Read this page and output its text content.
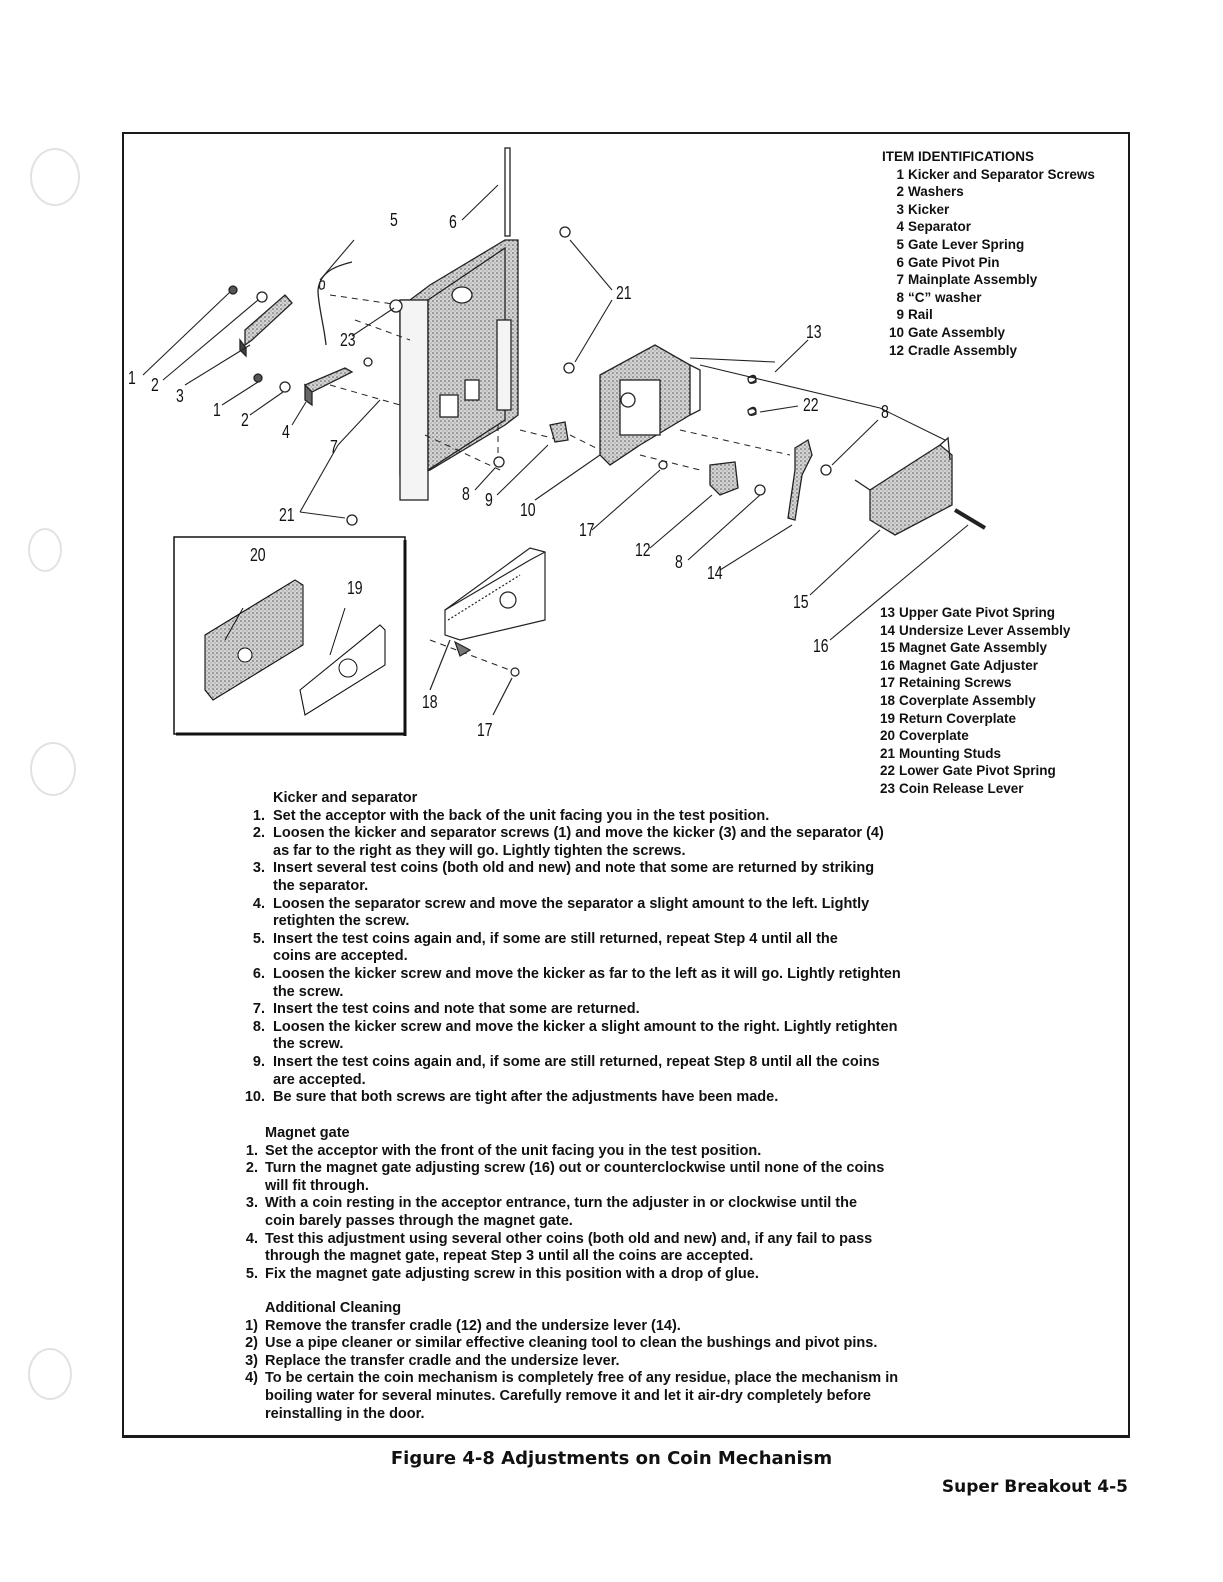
1 2
3
1 2
4
5	6
23
21
7
8 9 10
17
21
13
22	8
12
8
14
15
16
20
19
18
17
ITEM IDENTIFICATIONS
1 Kicker and Separator Screws
2 Washers
3 Kicker
4 Separator
5 Gate Lever Spring
6 Gate Pivot Pin
7 Mainplate Assembly
8 “C” washer
9 Rail
10 Gate Assembly
12 Cradle Assembly
13 Upper Gate Pivot Spring
14 Undersize Lever Assembly
15 Magnet Gate Assembly
16 Magnet Gate Adjuster
17 Retaining Screws
18 Coverplate Assembly
19 Return Coverplate
20 Coverplate
21 Mounting Studs
22 Lower Gate Pivot Spring
23 Coin Release Lever
Kicker and separator
1. Set the acceptor with the back of the unit facing you in the test position.
2. Loosen the kicker and separator screws (1) and move the kicker (3) and the separator (4)
as far to the right as they will go. Lightly tighten the screws.
3. Insert several test coins (both old and new) and note that some are returned by striking
the separator.
4. Loosen the separator screw and move the separator a slight amount to the left. Lightly
retighten the screw.
5. Insert the test coins again and, if some are still returned, repeat Step 4 until all the
coins are accepted.
6. Loosen the kicker screw and move the kicker as far to the left as it will go. Lightly retighten
the screw.
7. Insert the test coins and note that some are returned.
8. Loosen the kicker screw and move the kicker a slight amount to the right. Lightly retighten
the screw.
9. Insert the test coins again and, if some are still returned, repeat Step 8 until all the coins
are accepted.
10. Be sure that both screws are tight after the adjustments have been made.
Magnet gate
1. Set the acceptor with the front of the unit facing you in the test position.
2. Turn the magnet gate adjusting screw (16) out or counterclockwise until none of the coins
will fit through.
3. With a coin resting in the acceptor entrance, turn the adjuster in or clockwise until the
coin barely passes through the magnet gate.
4. Test this adjustment using several other coins (both old and new) and, if any fail to pass
through the magnet gate, repeat Step 3 until all the coins are accepted.
5. Fix the magnet gate adjusting screw in this position with a drop of glue.
Additional Cleaning
1) Remove the transfer cradle (12) and the undersize lever (14).
2) Use a pipe cleaner or similar effective cleaning tool to clean the bushings and pivot pins.
3) Replace the transfer cradle and the undersize lever.
4) To be certain the coin mechanism is completely free of any residue, place the mechanism in
boiling water for several minutes. Carefully remove it and let it air-dry completely before
reinstalling in the door.
Figure 4-8 Adjustments on Coin Mechanism
Super Breakout 4-5
